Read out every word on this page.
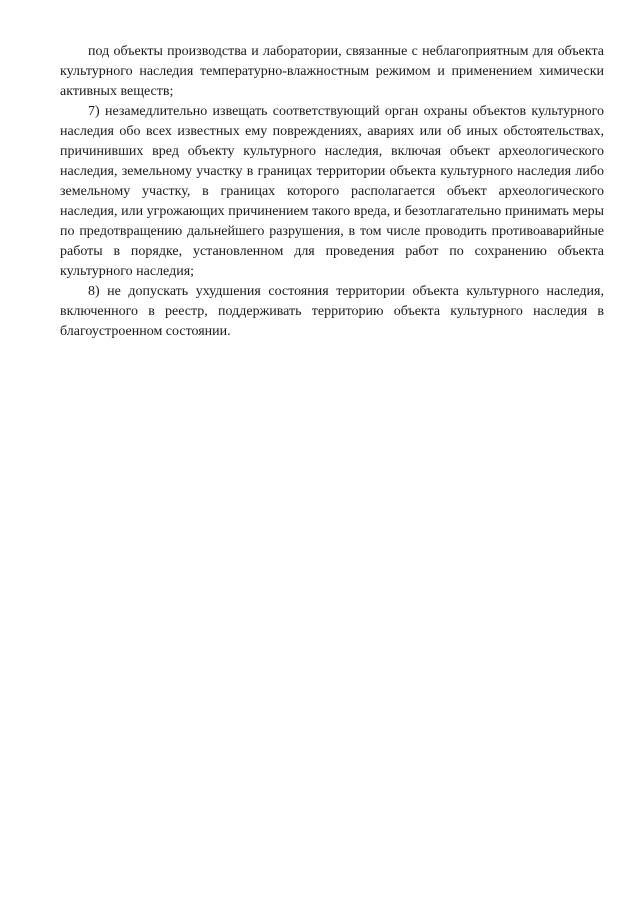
под объекты производства и лаборатории, связанные с неблагоприятным для объекта культурного наследия температурно-влажностным режимом и применением химически активных веществ;

7) незамедлительно извещать соответствующий орган охраны объектов культурного наследия обо всех известных ему повреждениях, авариях или об иных обстоятельствах, причинивших вред объекту культурного наследия, включая объект археологического наследия, земельному участку в границах территории объекта культурного наследия либо земельному участку, в границах которого располагается объект археологического наследия, или угрожающих причинением такого вреда, и безотлагательно принимать меры по предотвращению дальнейшего разрушения, в том числе проводить противоаварийные работы в порядке, установленном для проведения работ по сохранению объекта культурного наследия;

8) не допускать ухудшения состояния территории объекта культурного наследия, включенного в реестр, поддерживать территорию объекта культурного наследия в благоустроенном состоянии.
